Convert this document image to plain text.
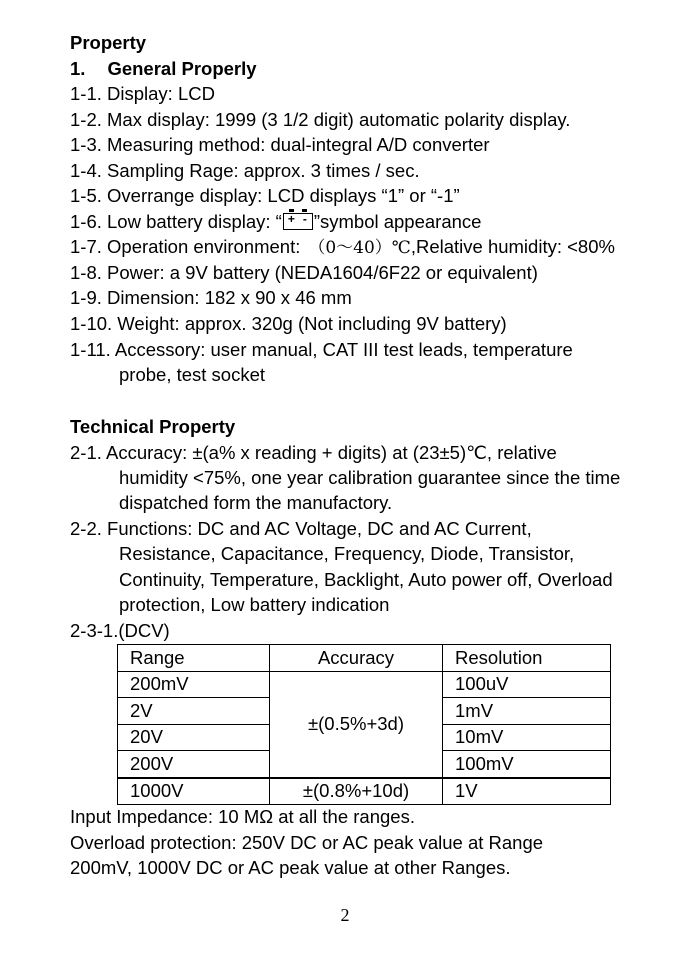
Property
1. General Properly
1-1. Display: LCD
1-2. Max display: 1999 (3 1/2 digit) automatic polarity display.
1-3. Measuring method: dual-integral A/D converter
1-4. Sampling Rage: approx. 3 times / sec.
1-5. Overrange display: LCD displays “1” or “-1”
1-6. Low battery display: “ + - ”symbol appearance
1-7. Operation environment: （0～40）℃,Relative humidity: <80%
1-8. Power: a 9V battery (NEDA1604/6F22 or equivalent)
1-9. Dimension: 182 x 90 x 46 mm
1-10. Weight: approx. 320g (Not including 9V battery)
1-11. Accessory: user manual, CAT III test leads, temperature
probe, test socket
Technical Property
2-1. Accuracy: ±(a% x reading + digits) at (23±5)℃, relative
humidity <75%, one year calibration guarantee since the time
dispatched form the manufactory.
2-2. Functions: DC and AC Voltage, DC and AC Current,
Resistance, Capacitance, Frequency, Diode, Transistor,
Continuity, Temperature, Backlight, Auto power off, Overload
protection, Low battery indication
2-3-1.(DCV)
Range	Accuracy	Resolution
200mV	±(0.5%+3d)	100uV
2V		1mV
20V		10mV
200V		100mV
1000V	±(0.8%+10d)	1V
Input Impedance: 10 MΩ at all the ranges.
Overload protection: 250V DC or AC peak value at Range
200mV, 1000V DC or AC peak value at other Ranges.
2
